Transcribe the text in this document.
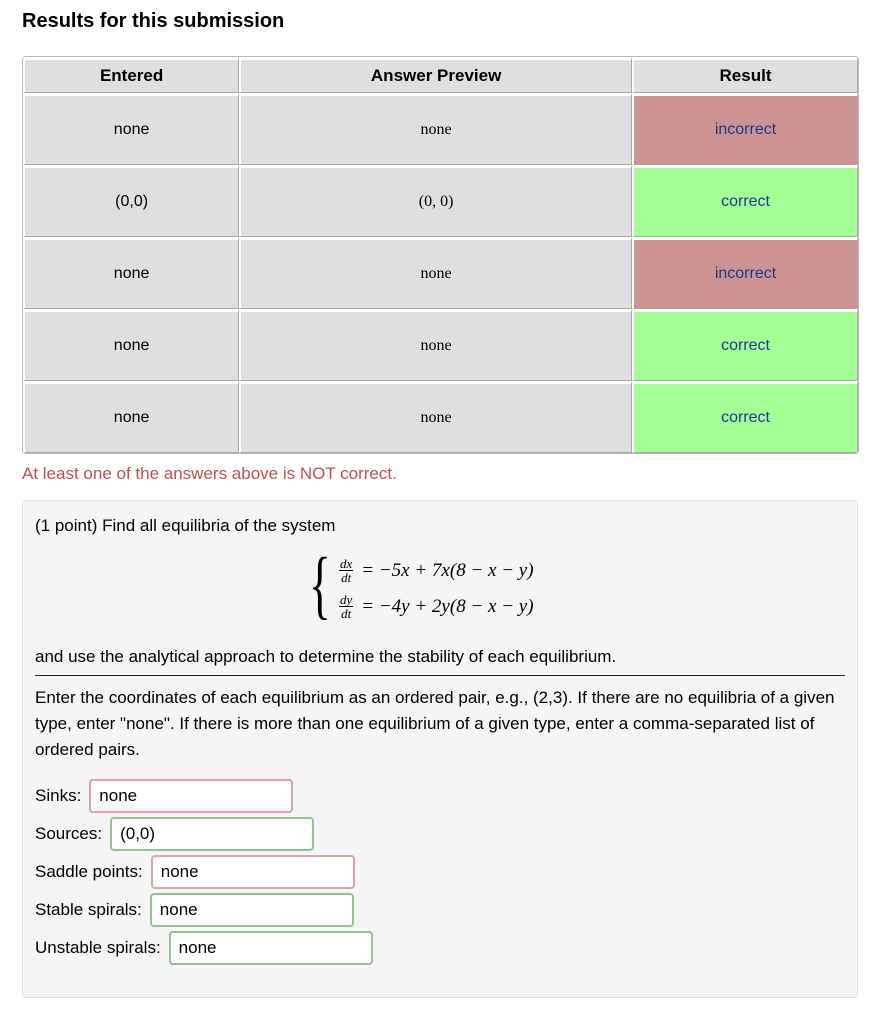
Results for this submission
Entered	Answer Preview	Result
none	none	incorrect
(0,0)	(0, 0)	correct
none	none	incorrect
none	none	correct
none	none	correct

At least one of the answers above is NOT correct.

(1 point) Find all equilibria of the system

{ $\frac{dx}{dt} = -5x + 7x(8 - x - y)$
$\frac{dy}{dt} = -4y + 2y(8 - x - y)$

and use the analytical approach to determine the stability of each equilibrium.

Enter the coordinates of each equilibrium as an ordered pair, e.g., (2,3). If there are no equilibria of a given type, enter "none". If there is more than one equilibrium of a given type, enter a comma-separated list of ordered pairs.

Sinks:
none
Sources:
(0,0)
Saddle points:
none
Stable spirals:
none
Unstable spirals:
none
